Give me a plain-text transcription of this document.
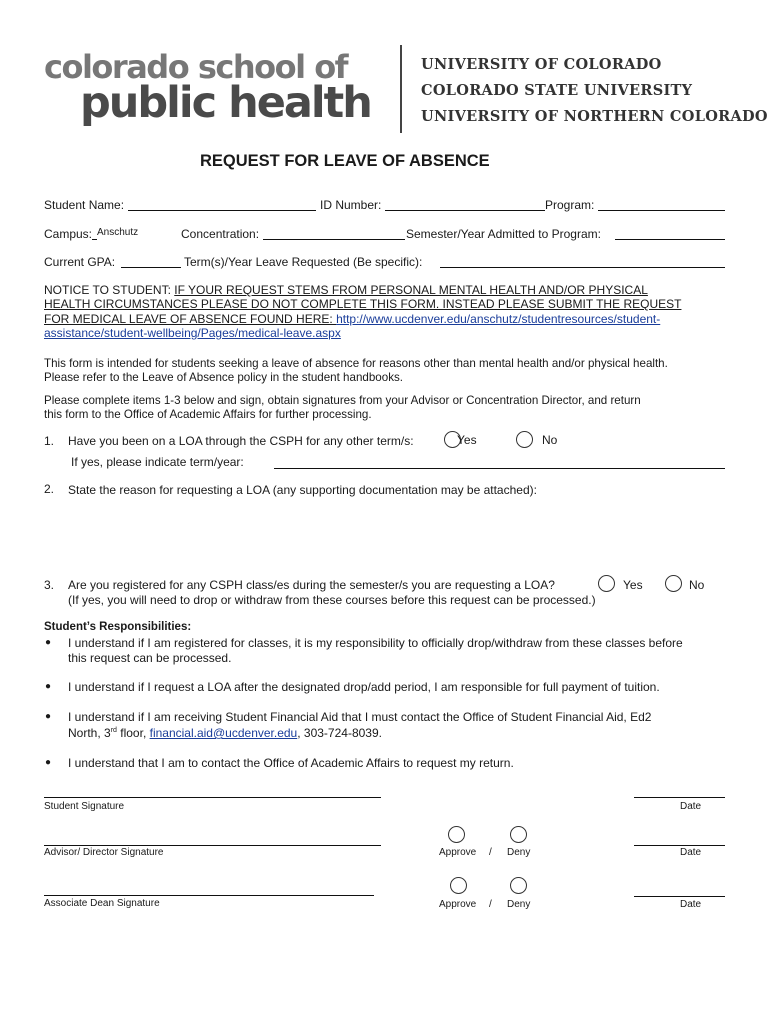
colorado school of
public health
UNIVERSITY OF COLORADO
COLORADO STATE UNIVERSITY
UNIVERSITY OF NORTHERN COLORADO
REQUEST FOR LEAVE OF ABSENCE
Student Name:	ID Number:	Program:
Campus: Anschutz	Concentration:	Semester/Year Admitted to Program:
Current GPA:	Term(s)/Year Leave Requested (Be specific):
NOTICE TO STUDENT: IF YOUR REQUEST STEMS FROM PERSONAL MENTAL HEALTH AND/OR PHYSICAL
HEALTH CIRCUMSTANCES PLEASE DO NOT COMPLETE THIS FORM. INSTEAD PLEASE SUBMIT THE REQUEST
FOR MEDICAL LEAVE OF ABSENCE FOUND HERE: http://www.ucdenver.edu/anschutz/studentresources/student-
assistance/student-wellbeing/Pages/medical-leave.aspx
This form is intended for students seeking a leave of absence for reasons other than mental health and/or physical health.
Please refer to the Leave of Absence policy in the student handbooks.
Please complete items 1-3 below and sign, obtain signatures from your Advisor or Concentration Director, and return
this form to the Office of Academic Affairs for further processing.
1. Have you been on a LOA through the CSPH for any other term/s:	Yes	No
If yes, please indicate term/year:
2. State the reason for requesting a LOA (any supporting documentation may be attached):
3. Are you registered for any CSPH class/es during the semester/s you are requesting a LOA?	Yes	No
(If yes, you will need to drop or withdraw from these courses before this request can be processed.)
Student’s Responsibilities:
● I understand if I am registered for classes, it is my responsibility to officially drop/withdraw from these classes before
this request can be processed.
● I understand if I request a LOA after the designated drop/add period, I am responsible for full payment of tuition.
● I understand if I am receiving Student Financial Aid that I must contact the Office of Student Financial Aid, Ed2
North, 3rd floor, financial.aid@ucdenver.edu, 303-724-8039.
● I understand that I am to contact the Office of Academic Affairs to request my return.
Student Signature	Date
Advisor/ Director Signature	Approve / Deny	Date
Associate Dean Signature	Approve / Deny	Date
